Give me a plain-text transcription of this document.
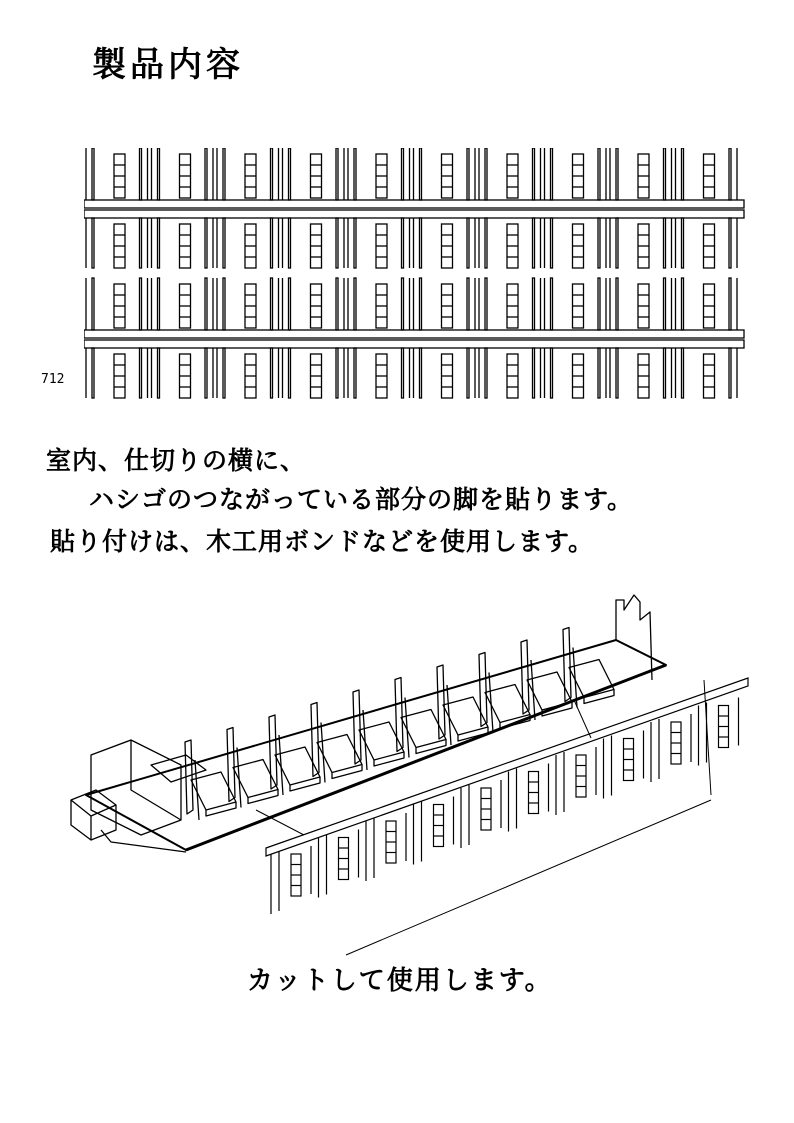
製品内容
712

室内、仕切りの横に、

ハシゴのつながっている部分の脚を貼ります。

貼り付けは、木工用ボンドなどを使用します。

カットして使用します。
